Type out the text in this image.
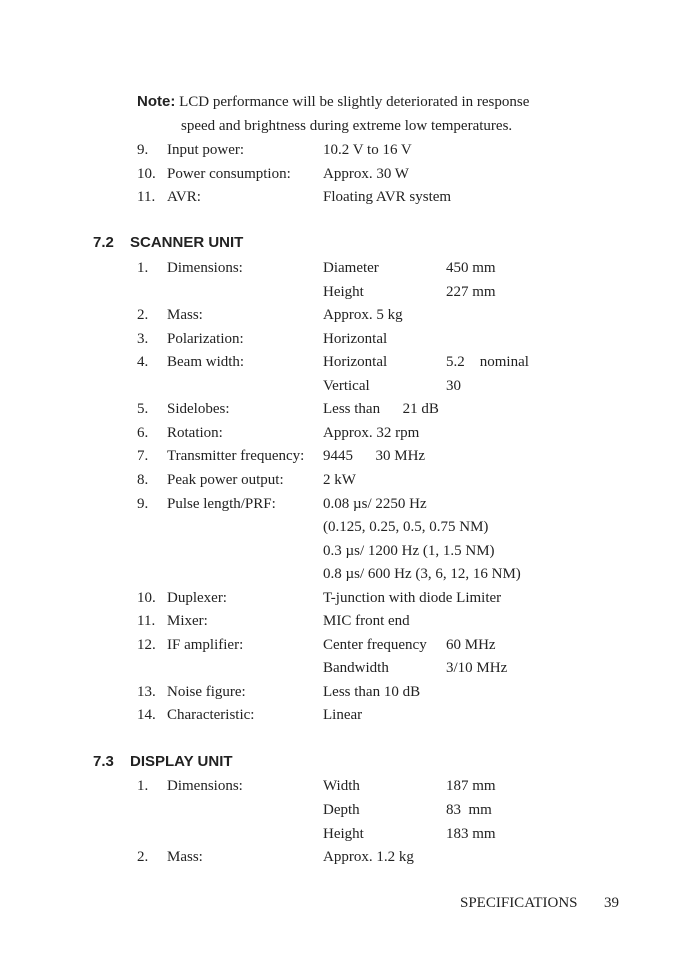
Note: LCD performance will be slightly deteriorated in response
speed and brightness during extreme low temperatures.
9. Input power:	10.2 V to 16 V
10. Power consumption: Approx. 30 W
11. AVR:	Floating AVR system
7.2 SCANNER UNIT
1. Dimensions:	Diameter	450 mm
Height	227 mm
2. Mass:	Approx. 5 kg
3. Polarization:	Horizontal
4. Beam width:	Horizontal	5.2    nominal
Vertical	30
5. Sidelobes:	Less than      21 dB
6. Rotation:	Approx. 32 rpm
7. Transmitter frequency: 9445      30 MHz
8. Peak power output:	2 kW
9. Pulse length/PRF:	0.08 µs/ 2250 Hz
(0.125, 0.25, 0.5, 0.75 NM)
0.3 µs/ 1200 Hz (1, 1.5 NM)
0.8 µs/ 600 Hz (3, 6, 12, 16 NM)
10. Duplexer:	T-junction with diode Limiter
11. Mixer:	MIC front end
12. IF amplifier:	Center frequency 60 MHz
Bandwidth	3/10 MHz
13. Noise figure:	Less than 10 dB
14. Characteristic:	Linear
7.3 DISPLAY UNIT
1. Dimensions:	Width	187 mm
Depth	83  mm
Height	183 mm
2. Mass:	Approx. 1.2 kg
SPECIFICATIONS 39
